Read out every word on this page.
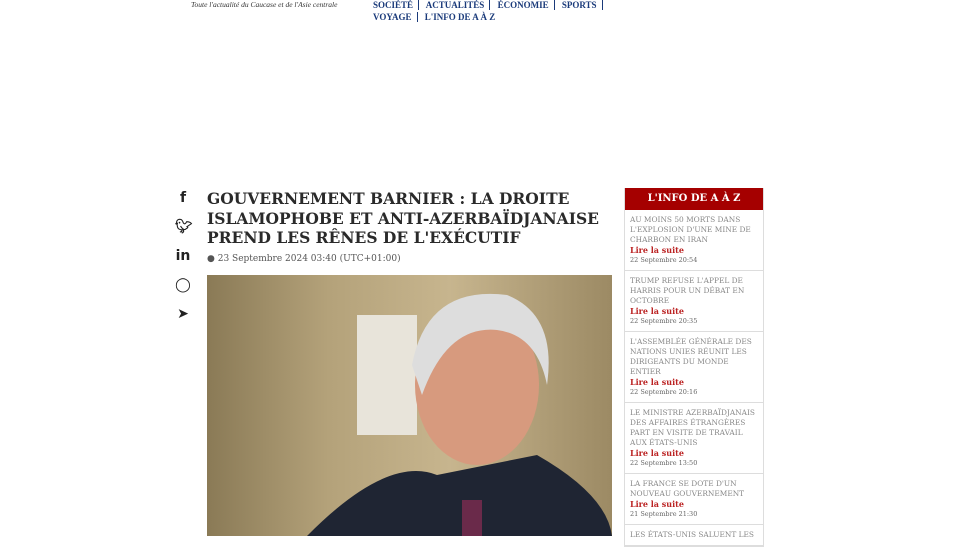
Toute l'actualité du Caucase et de l'Asie centrale	SOCIÉTÉ ACTUALITÉS ÉCONOMIE SPORTS
VOYAGE L'INFO DE A À Z
f
🐦︎
in
◯
➤
GOUVERNEMENT BARNIER : LA DROITE ISLAMOPHOBE ET ANTI-AZERBAÏDJANAISE PREND LES RÊNES DE L'EXÉCUTIF
● 23 Septembre 2024 03:40 (UTC+01:00)
L'INFO DE A À Z
AU MOINS 50 MORTS DANS L'EXPLOSION D'UNE MINE DE CHARBON EN IRAN
Lire la suite
22 Septembre 20:54
TRUMP REFUSE L'APPEL DE HARRIS POUR UN DÉBAT EN OCTOBRE
Lire la suite
22 Septembre 20:35
L'ASSEMBLÉE GÉNÉRALE DES NATIONS UNIES RÉUNIT LES DIRIGEANTS DU MONDE ENTIER
Lire la suite
22 Septembre 20:16
LE MINISTRE AZERBAÏDJANAIS DES AFFAIRES ÉTRANGÈRES PART EN VISITE DE TRAVAIL AUX ÉTATS-UNIS
Lire la suite
22 Septembre 13:50
LA FRANCE SE DOTE D'UN NOUVEAU GOUVERNEMENT
Lire la suite
21 Septembre 21:30
LES ÉTATS-UNIS SALUENT LES
